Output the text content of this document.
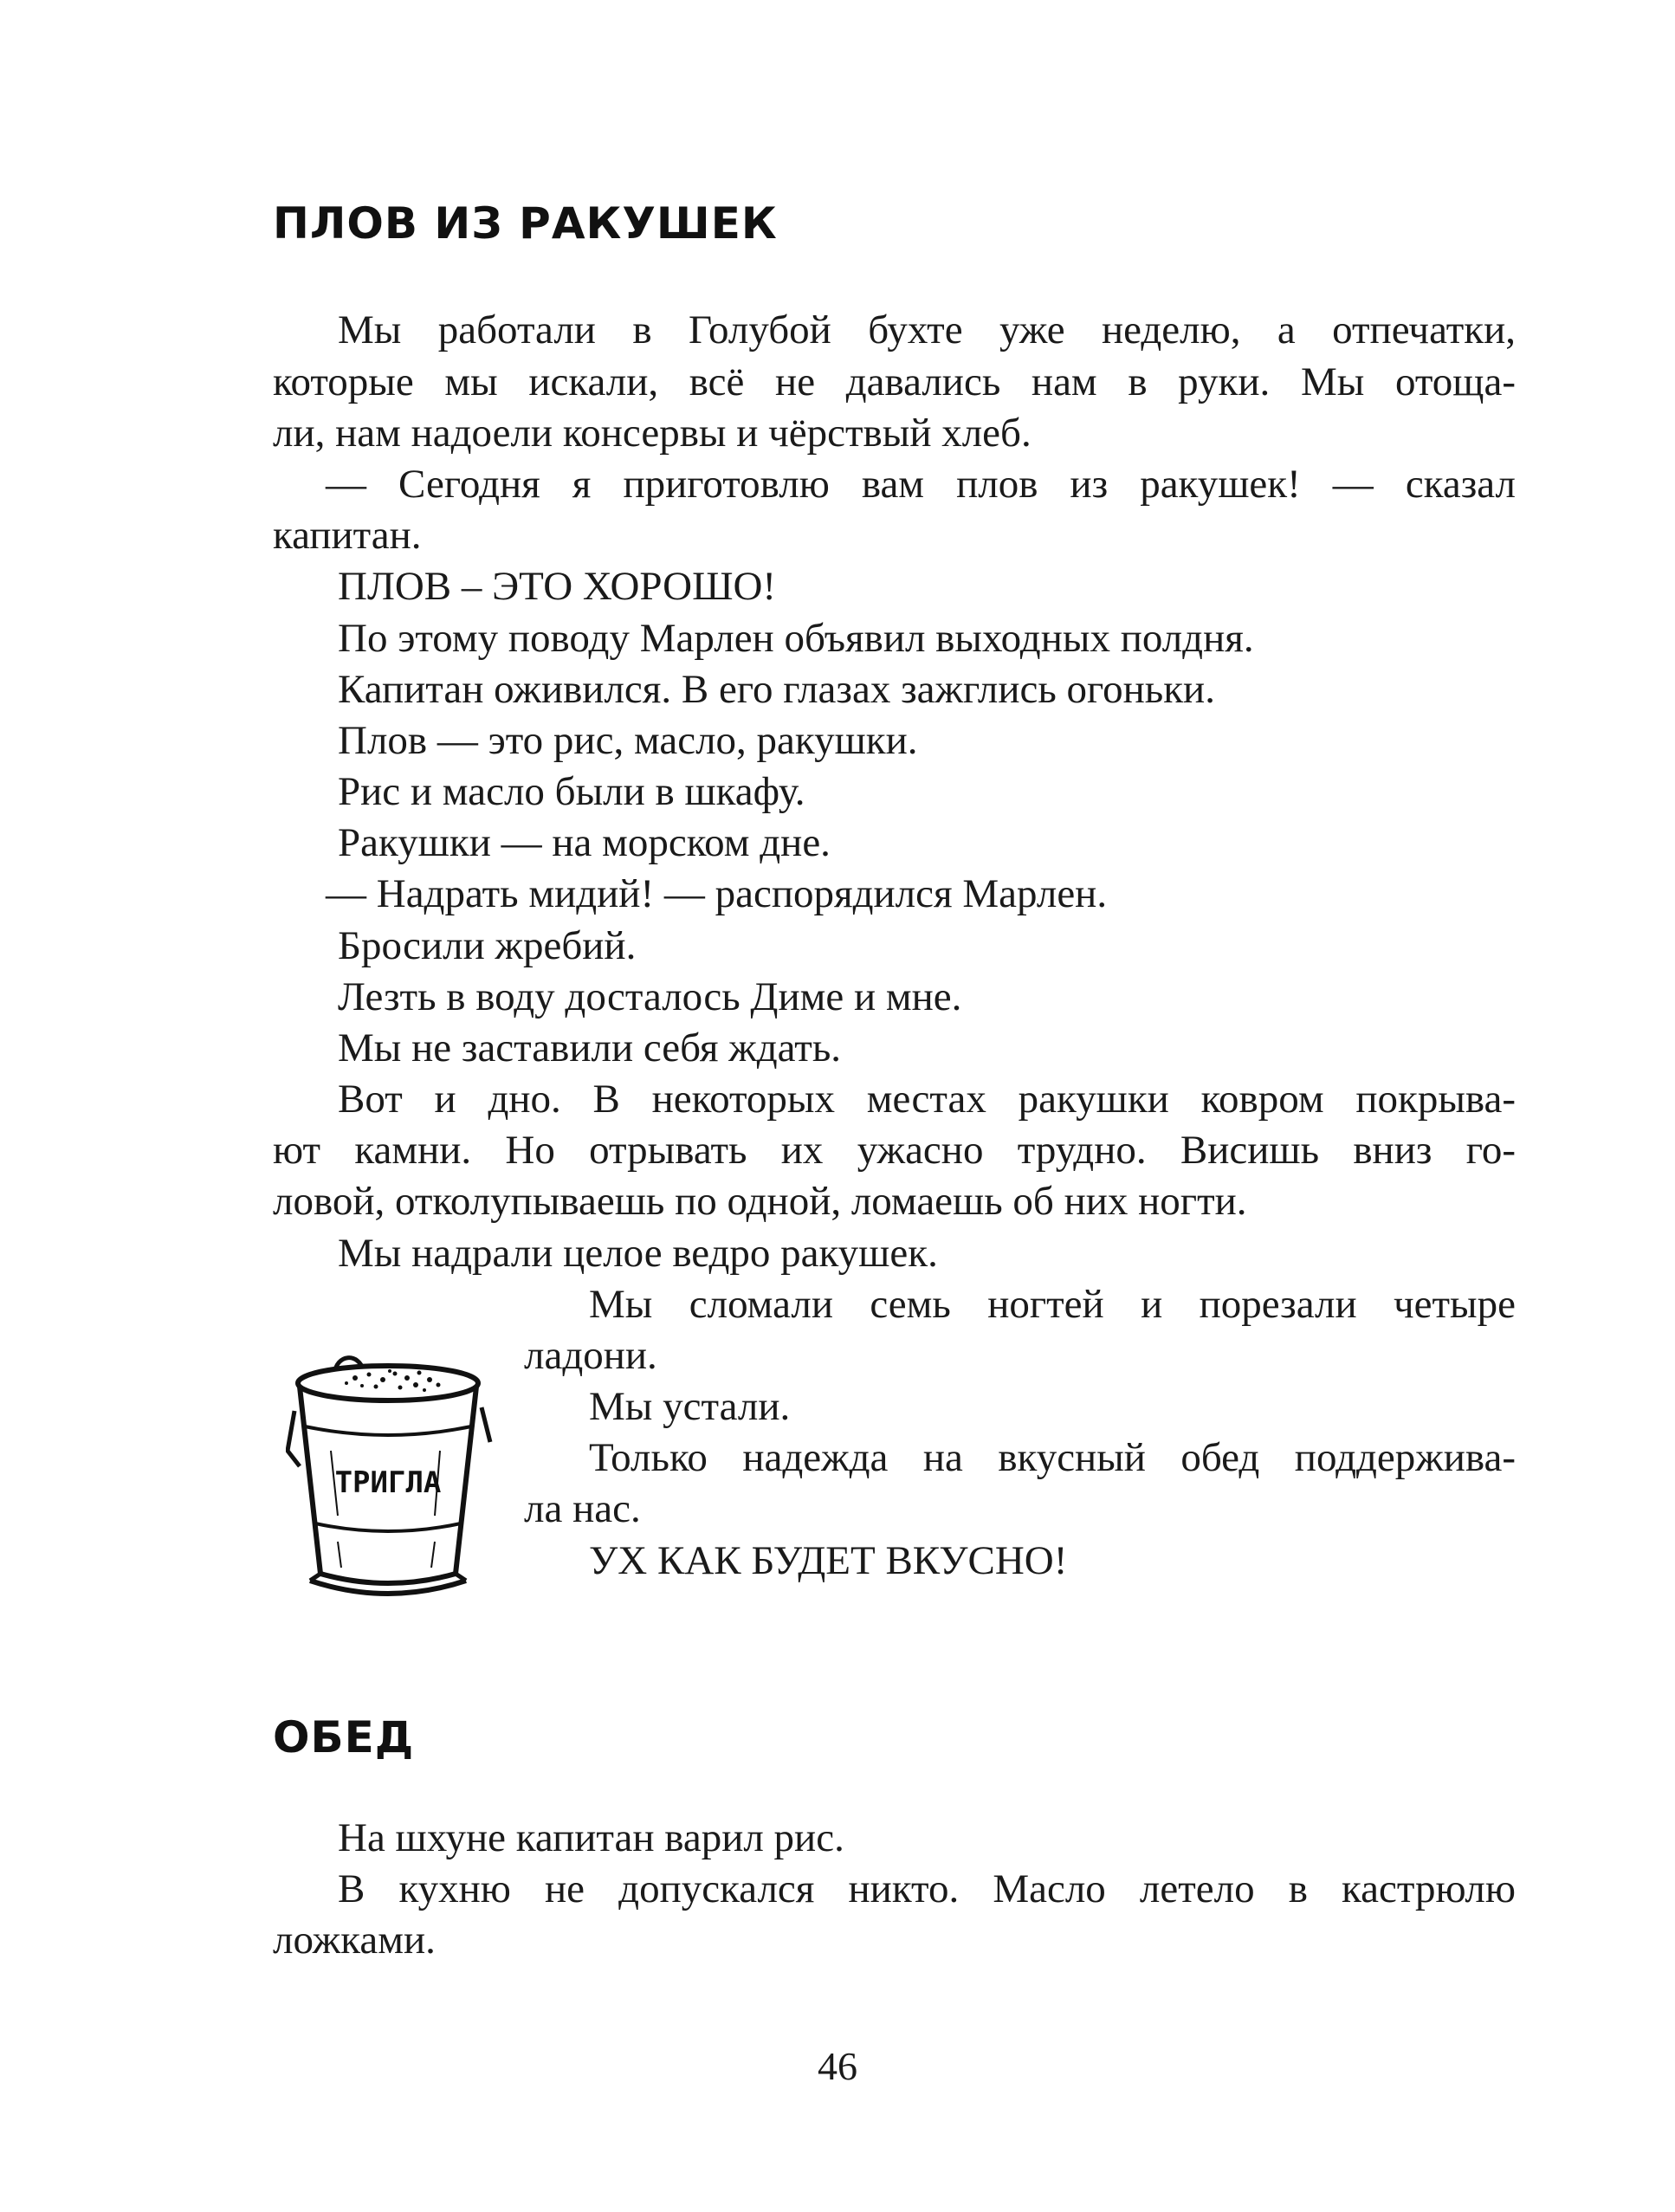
ПЛОВ ИЗ РАКУШЕК

Мы работали в Голубой бухте уже неделю, а отпечатки,

которые мы искали, всё не давались нам в руки. Мы отоща-

ли, нам надоели консервы и чёрствый хлеб.

— Сегодня я приготовлю вам плов из ракушек! — сказал

капитан.

ПЛОВ – ЭТО ХОРОШО!

По этому поводу Марлен объявил выходных полдня.

Капитан оживился. В его глазах зажглись огоньки.

Плов — это рис, масло, ракушки.

Рис и масло были в шкафу.

Ракушки — на морском дне.

— Надрать мидий! — распорядился Марлен.

Бросили жребий.

Лезть в воду досталось Диме и мне.

Мы не заставили себя ждать.

Вот и дно. В некоторых местах ракушки ковром покрыва-

ют камни. Но отрывать их ужасно трудно. Висишь вниз го-

ловой, отколупываешь по одной, ломаешь об них ногти.

Мы надрали целое ведро ракушек.

Мы сломали семь ногтей и порезали четыре

ладони.

Мы устали.

Только надежда на вкусный обед поддержива-

ла нас.

УХ КАК БУДЕТ ВКУСНО!

ТРИГЛА
ОБЕД

На шхуне капитан варил рис.

В кухню не допускался никто. Масло летело в кастрюлю

ложками.

46
